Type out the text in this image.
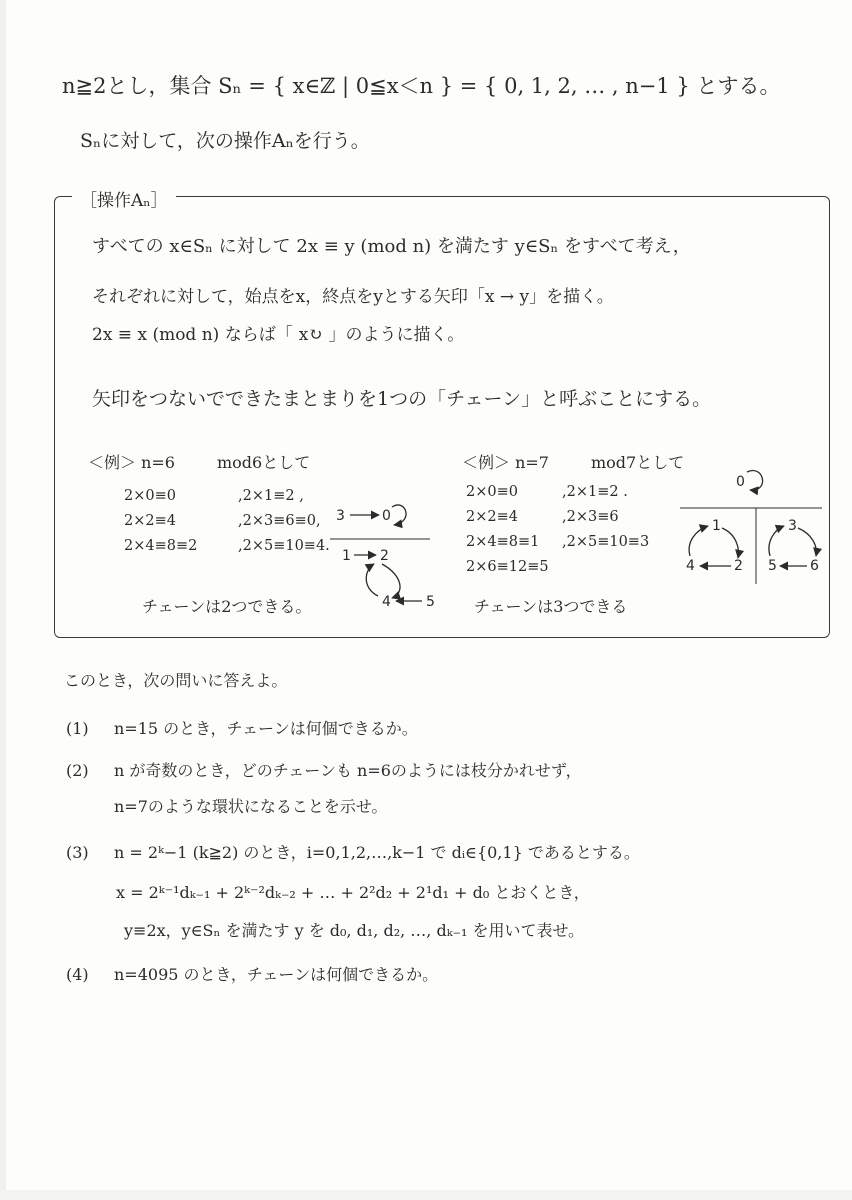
n≧2とし，集合 Sₙ = { x∈ℤ | 0≦x＜n } = { 0, 1, 2, … , n−1 } とする。
Sₙに対して，次の操作Aₙを行う。
［操作Aₙ］
すべての x∈Sₙ に対して 2x ≡ y (mod n) を満たす y∈Sₙ をすべて考え，
それぞれに対して，始点をx，終点をyとする矢印「x → y」を描く。
2x ≡ x (mod n) ならば「 x↻ 」のように描く。
矢印をつないでできたまとまりを1つの「チェーン」と呼ぶことにする。
＜例＞ n=6	mod6として
2×0≡0	,2×1≡2 ,
2×2≡4	,2×3≡6≡0,
2×4≡8≡2	,2×5≡10≡4.
チェーンは2つできる。
3	0
1 2
4	5
＜例＞ n=7	mod7として
2×0≡0	,2×1≡2 .
2×2≡4	,2×3≡6
2×4≡8≡1	,2×5≡10≡3
2×6≡12≡5
チェーンは3つできる
0
1
4	2
3
5 6
このとき，次の問いに答えよ。
(1) n=15 のとき，チェーンは何個できるか。
(2) n が奇数のとき，どのチェーンも n=6のようには枝分かれせず，
n=7のような環状になることを示せ。
(3) n = 2ᵏ−1 (k≧2) のとき，i=0,1,2,…,k−1 で dᵢ∈{0,1} であるとする。
x = 2ᵏ⁻¹dₖ₋₁ + 2ᵏ⁻²dₖ₋₂ + … + 2²d₂ + 2¹d₁ + d₀ とおくとき，
y≡2x，y∈Sₙ を満たす y を d₀, d₁, d₂, …, dₖ₋₁ を用いて表せ。
(4) n=4095 のとき，チェーンは何個できるか。
